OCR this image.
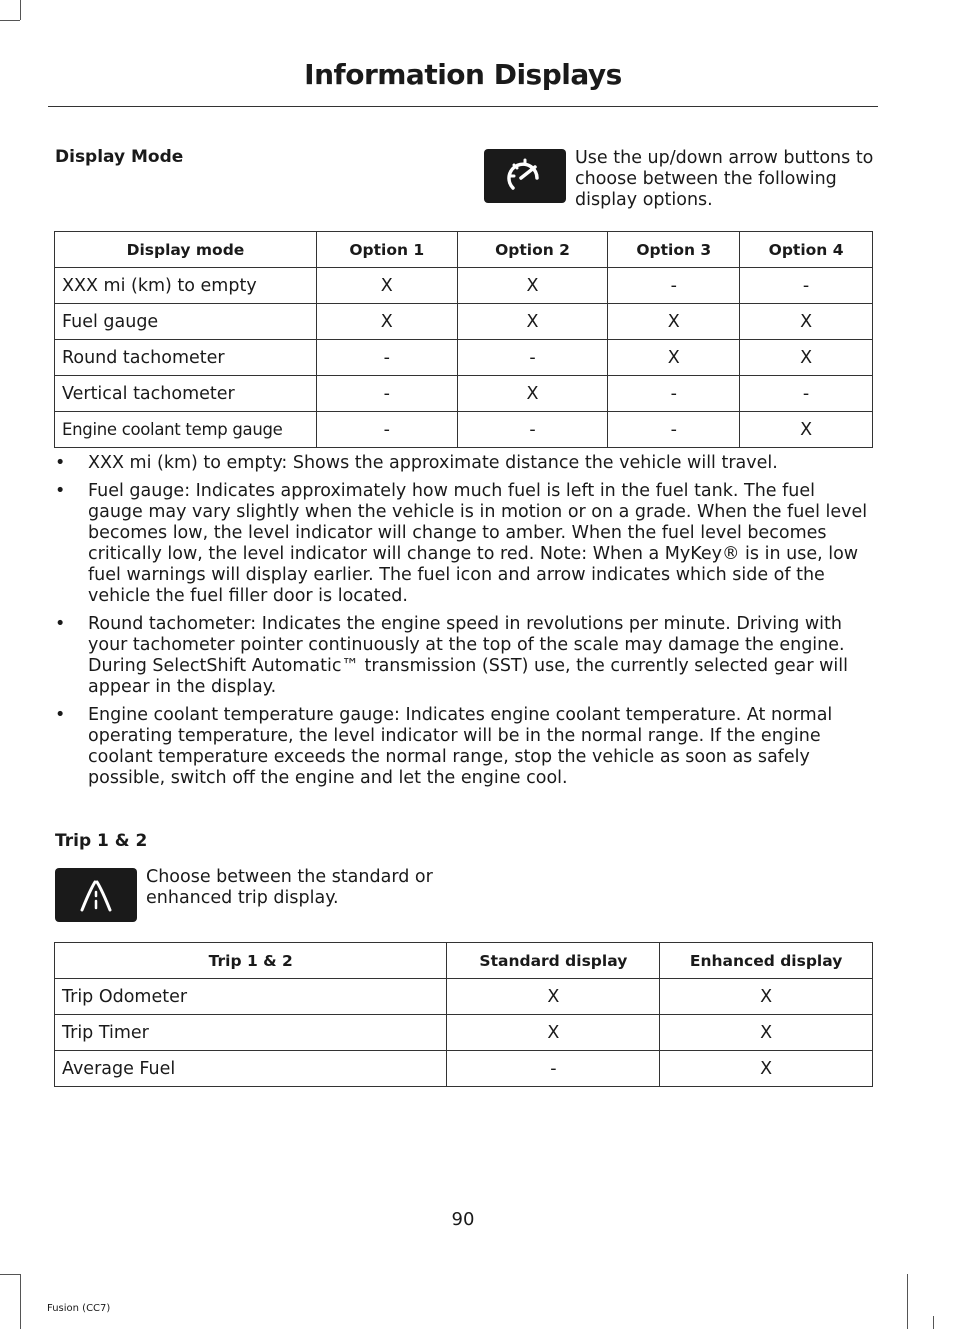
Information Displays
Display Mode	Use the up/down arrow buttons to choose between the following display options.
Display mode	Option 1	Option 2	Option 3	Option 4
XXX mi (km) to empty	X	X	-	-
Fuel gauge	X	X	X	X
Round tachometer	-	-	X	X
Vertical tachometer	-	X	-	-
Engine coolant temp gauge	-	-	-	X
• XXX mi (km) to empty: Shows the approximate distance the vehicle will travel.
• Fuel gauge: Indicates approximately how much fuel is left in the fuel tank. The fuel gauge may vary slightly when the vehicle is in motion or on a grade. When the fuel level becomes low, the level indicator will change to amber. When the fuel level becomes critically low, the level indicator will change to red. Note: When a MyKey® is in use, low fuel warnings will display earlier. The fuel icon and arrow indicates which side of the vehicle the fuel filler door is located.
• Round tachometer: Indicates the engine speed in revolutions per minute. Driving with your tachometer pointer continuously at the top of the scale may damage the engine. During SelectShift Automatic™ transmission (SST) use, the currently selected gear will appear in the display.
• Engine coolant temperature gauge: Indicates engine coolant temperature. At normal operating temperature, the level indicator will be in the normal range. If the engine coolant temperature exceeds the normal range, stop the vehicle as soon as safely possible, switch off the engine and let the engine cool.
Trip 1 & 2
Choose between the standard or enhanced trip display.
Trip 1 & 2	Standard display	Enhanced display
Trip Odometer	X	X
Trip Timer	X	X
Average Fuel	-	X
90
Fusion (CC7)
